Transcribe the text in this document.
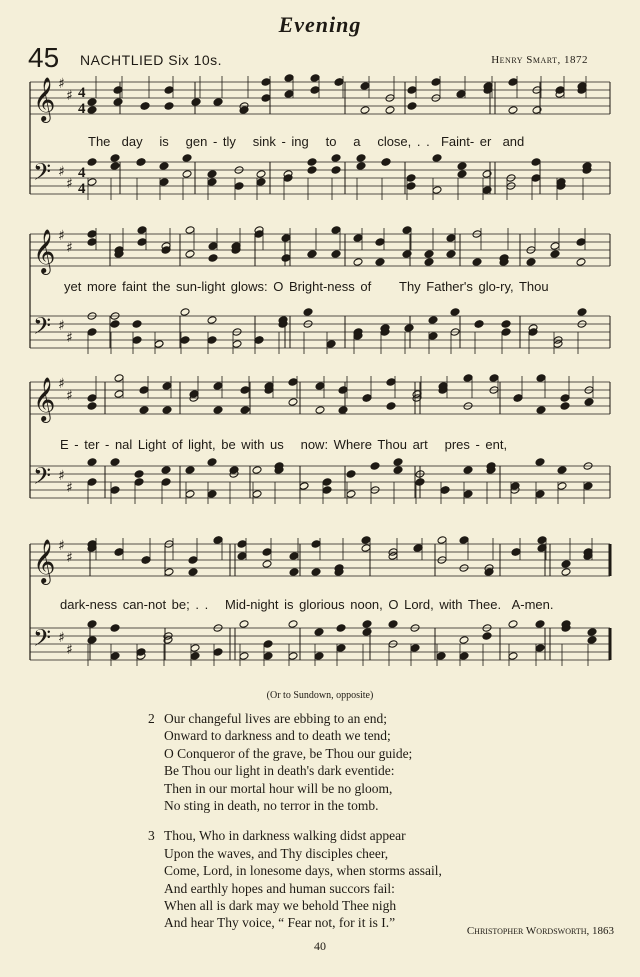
Evening
45 NACHTLIED Six 10s.	Henry Smart, 1872
𝄞 ♯
♯ 4
4
𝄢 ♯
♯
4
4
𝄞 ♯
♯
𝄢 ♯
♯
𝄞 ♯
♯
𝄢 ♯
♯
𝄞 ♯
♯
𝄢 ♯
♯
The  day   is   gen - tly   sink - ing   to   a   close, . .  Faint- er  and
yet more faint the sun-light glows: O Bright-ness of     Thy Father's glo-ry, Thou
E - ter - nal Light of light, be with us   now: Where Thou art   pres - ent,
dark-ness can-not be; . .   Mid-night is glorious noon, O Lord, with Thee.  A-men.
(Or to Sundown, opposite)
2 Our changeful lives are ebbing to an end;
Onward to darkness and to death we tend;
O Conqueror of the grave, be Thou our guide;
Be Thou our light in death's dark eventide:
Then in our mortal hour will be no gloom,
No sting in death, no terror in the tomb.
3 Thou, Who in darkness walking didst appear
Upon the waves, and Thy disciples cheer,
Come, Lord, in lonesome days, when storms assail,
And earthly hopes and human succors fail:
When all is dark may we behold Thee nigh
And hear Thy voice, “ Fear not, for it is I.”
Christopher Wordsworth, 1863
40
